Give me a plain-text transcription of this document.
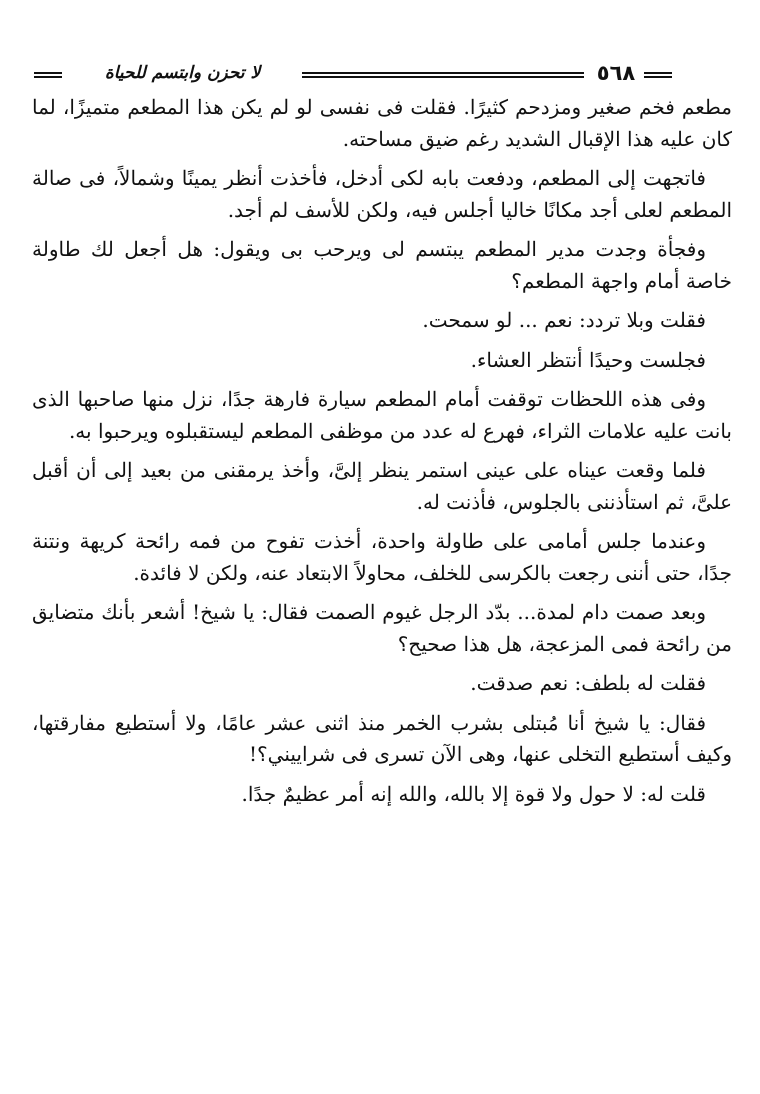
لا تحزن وابتسم للحياة	٥٦٨

مطعم فخم صغير ومزدحم كثيرًا. فقلت فى نفسى لو لم يكن هذا المطعم متميزًا، لما كان عليه هذا الإقبال الشديد رغم ضيق مساحته.

فاتجهت إلى المطعم، ودفعت بابه لكى أدخل، فأخذت أنظر يمينًا وشمالاً، فى صالة المطعم لعلى أجد مكانًا خاليا أجلس فيه، ولكن للأسف لم أجد.

وفجأة وجدت مدير المطعم يبتسم لى ويرحب بى ويقول: هل أجعل لك طاولة خاصة أمام واجهة المطعم؟

فقلت وبلا تردد: نعم ... لو سمحت.

فجلست وحيدًا أنتظر العشاء.

وفى هذه اللحظات توقفت أمام المطعم سيارة فارهة جدًا، نزل منها صاحبها الذى بانت عليه علامات الثراء، فهرع له عدد من موظفى المطعم ليستقبلوه ويرحبوا به.

فلما وقعت عيناه على عينى استمر ينظر إلىَّ، وأخذ يرمقنى من بعيد إلى أن أقبل علىَّ، ثم استأذننى بالجلوس، فأذنت له.

وعندما جلس أمامى على طاولة واحدة، أخذت تفوح من فمه رائحة كريهة ونتنة جدًا، حتى أننى رجعت بالكرسى للخلف، محاولاً الابتعاد عنه، ولكن لا فائدة.

وبعد صمت دام لمدة... بدّد الرجل غيوم الصمت فقال: يا شيخ! أشعر بأنك متضايق من رائحة فمى المزعجة، هل هذا صحيح؟

فقلت له بلطف: نعم صدقت.

فقال: يا شيخ أنا مُبتلى بشرب الخمر منذ اثنى عشر عامًا، ولا أستطيع مفارقتها، وكيف أستطيع التخلى عنها، وهى الآن تسرى فى شراييني؟!

قلت له: لا حول ولا قوة إلا بالله، والله إنه أمر عظيمٌ جدًا.
